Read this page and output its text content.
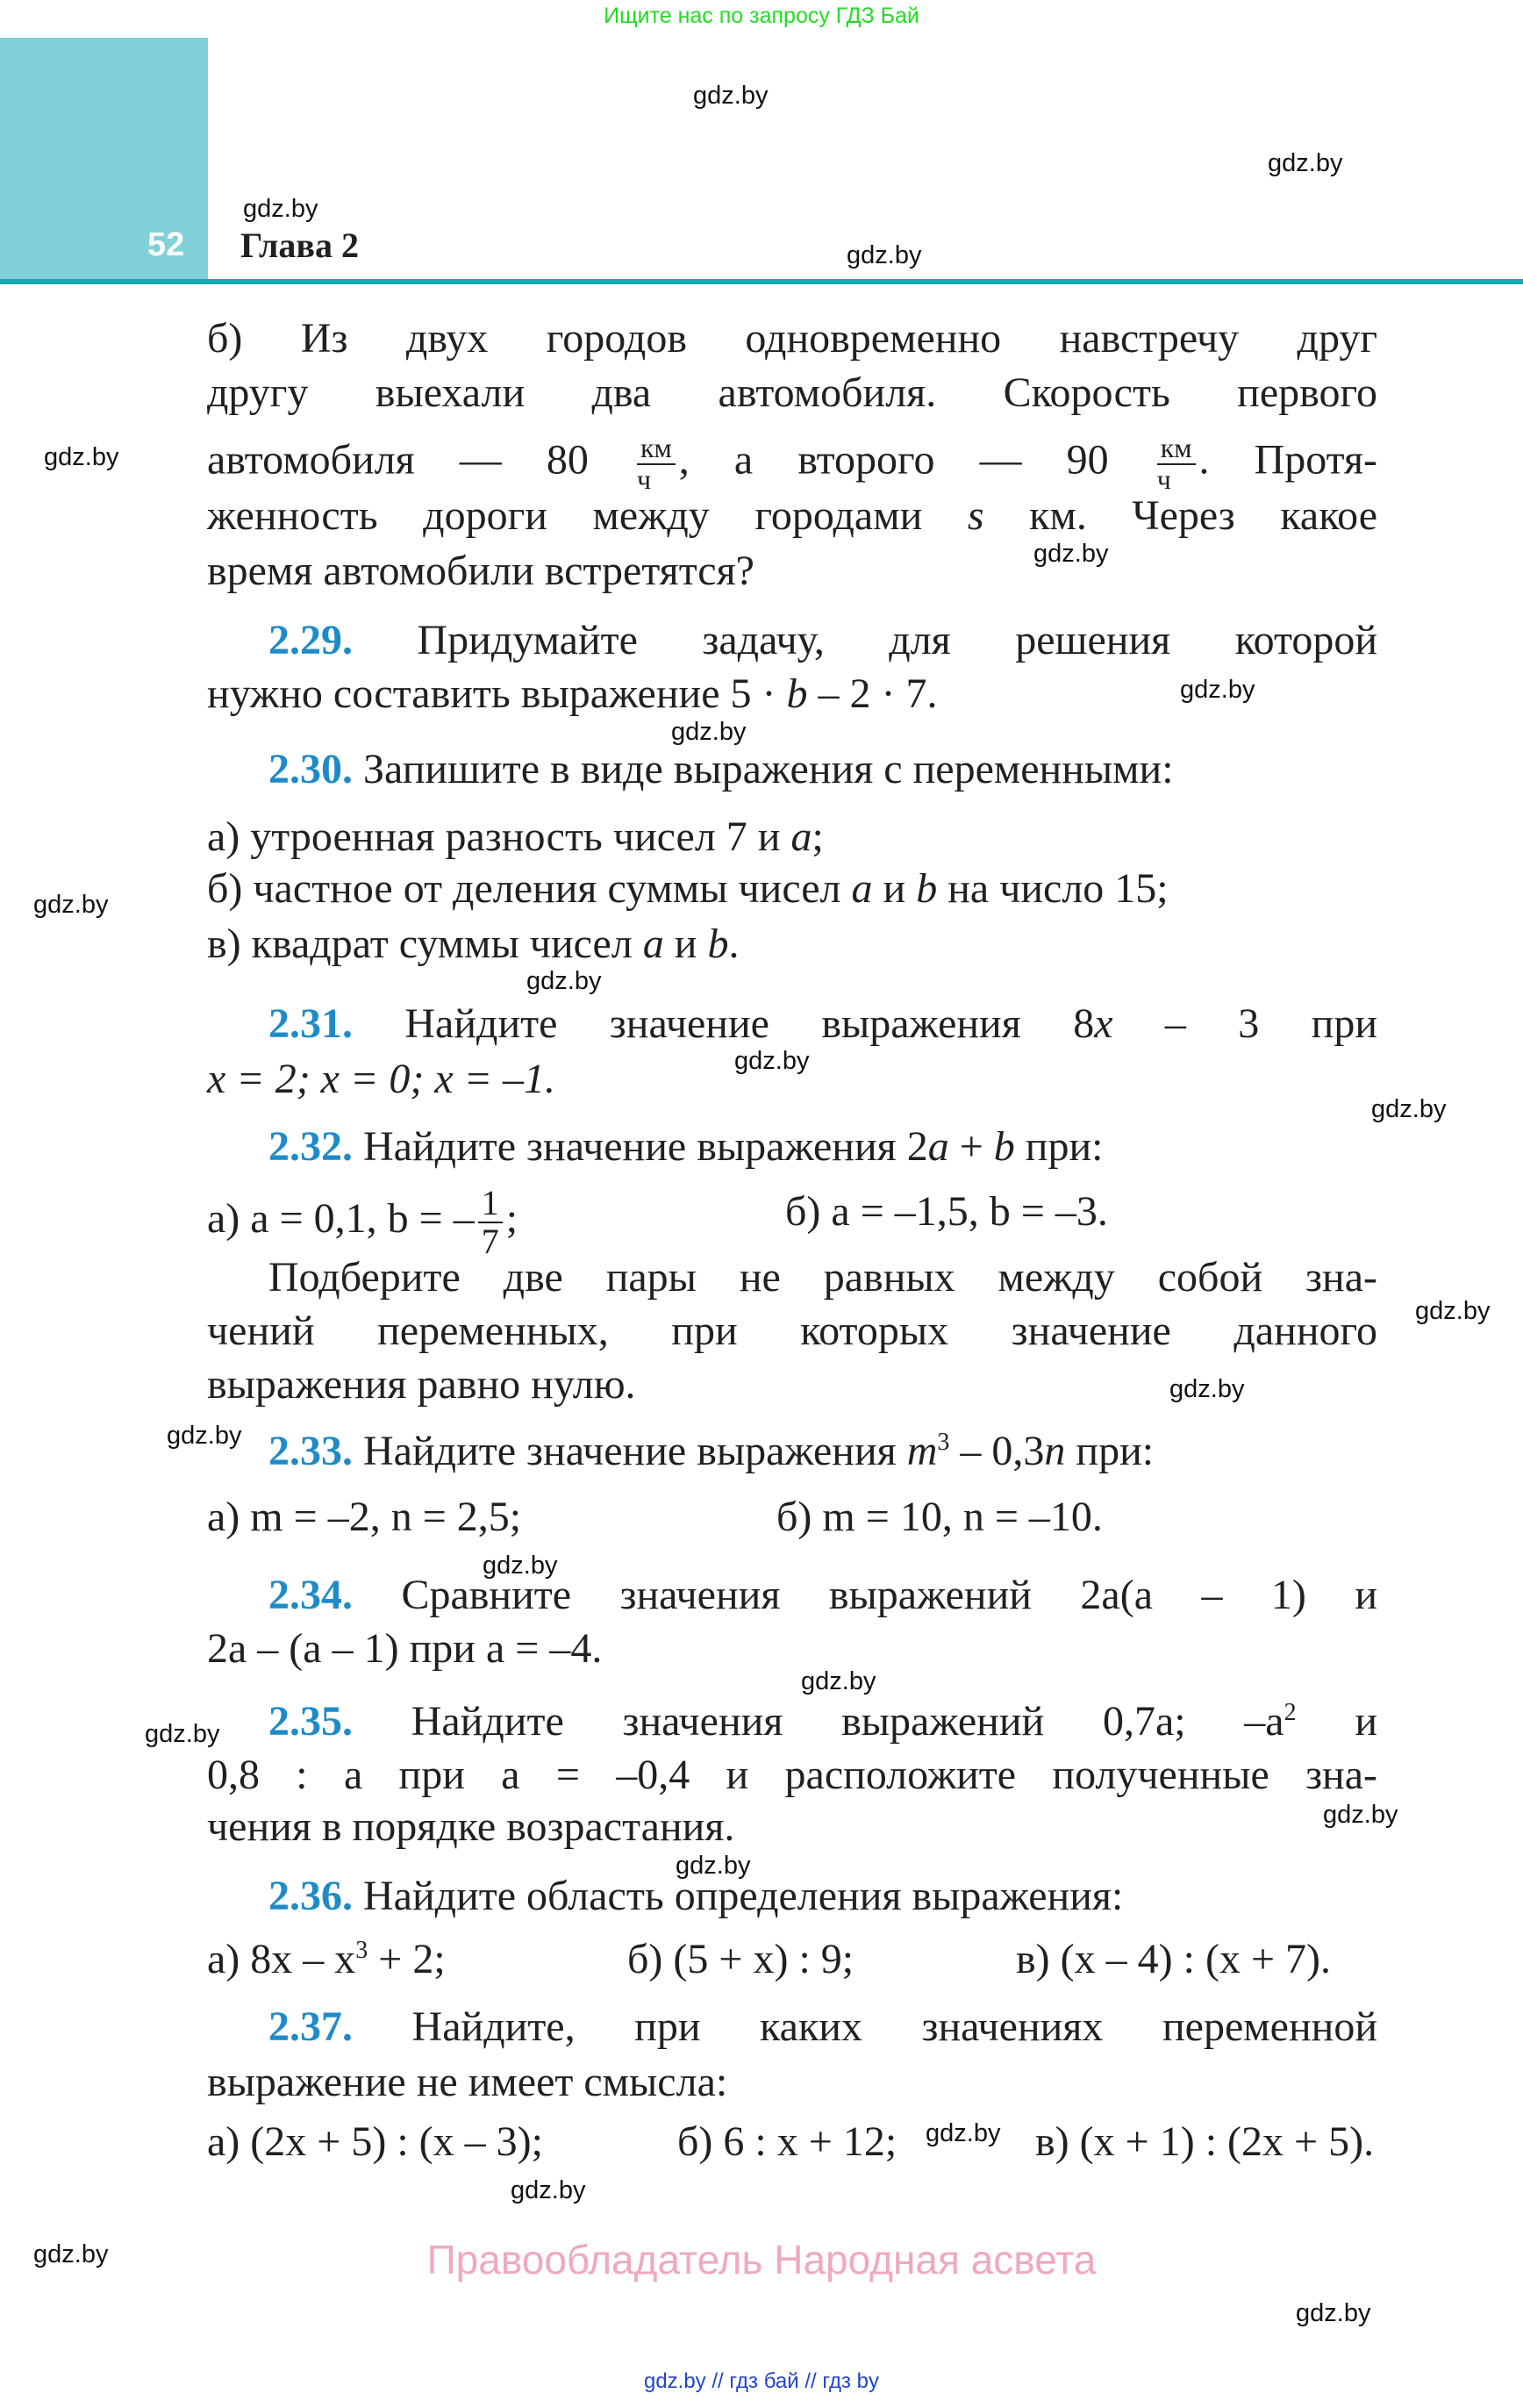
Ищите нас по запросу ГДЗ Бай
52 Глава 2
gdz.by
gdz.by
gdz.by
gdz.by
gdz.by
gdz.by
gdz.by
gdz.by
gdz.by
gdz.by
gdz.by
gdz.by
gdz.by
gdz.by
gdz.by
gdz.by
gdz.by
gdz.by
gdz.by
gdz.by
gdz.by
gdz.by
gdz.by
gdz.by
б) Из двух городов одновременно навстречу друг
другу выехали два автомобиля. Скорость первого
автомобиля — $80 \frac{км}{ч}$ , а второго — $90 \frac{км}{ч}$ . Протя-
женность дороги между городами s км. Через какое
время автомобили встретятся?
2.29. Придумайте задачу, для решения которой
нужно составить выражение 5 · b – 2 · 7.
2.30. Запишите в виде выражения с переменными:
а) утроенная разность чисел 7 и a;
б) частное от деления суммы чисел a и b на число 15;
в) квадрат суммы чисел a и b.
2.31. Найдите значение выражения 8x – 3 при
x = 2; x = 0; x = –1.
2.32. Найдите значение выражения 2a + b при:
а) a = 0,1, b = – $\frac{1}{7}$ ;	б) a = –1,5, b = –3.
Подберите две пары не равных между собой зна-
чений переменных, при которых значение данного
выражения равно нулю.
2.33. Найдите значение выражения $m^3 - 0,3n$ при:
а) m = –2, n = 2,5;	б) m = 10, n = –10.
2.34. Сравните значения выражений 2a(a – 1) и
2a – (a – 1) при a = –4.
2.35. Найдите значения выражений 0,7a; $-a^2$ и
0,8 : a при a = –0,4 и расположите полученные зна-
чения в порядке возрастания.
2.36. Найдите область определения выражения:
а) $8x - x^3 + 2$;	б) (5 + x) : 9;	в) (x – 4) : (x + 7).
2.37. Найдите, при каких значениях переменной
выражение не имеет смысла:
а) (2x + 5) : (x – 3);	б) 6 : x + 12;	в) (x + 1) : (2x + 5).
Правообладатель Народная асвета
gdz.by // гдз бай // гдз by
